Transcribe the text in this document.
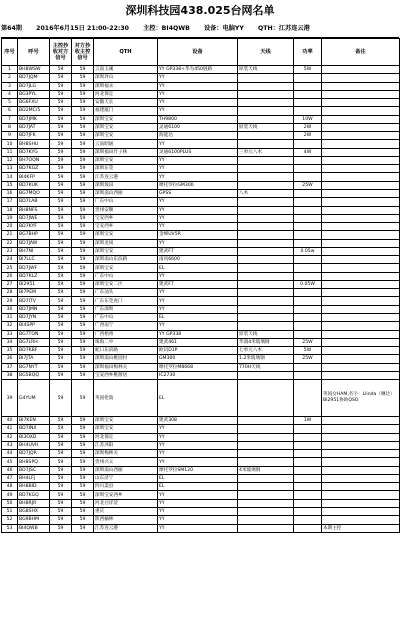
深圳科技园438.025台网名单
第64期 2016年6月15日 21:00-22:30 主控：BI4QWB 设备：电脑YY QTH：江苏连云港
序号	呼号	主控抄收对方信号	对方抄收主控信号	QTH	设备	天线	功率	备注
1	BH8WSW	59	59	云南玉溪	YY GP338+华为450链路	原装天线	5W	
2	BD7JQM	59	59	深圳坪山	YY			
3	BD7JLG	59	59	深圳福永	YY			
4	BG3PYL	59	59	河北保定	YY			
5	BG6FXU	59	59	安徽天长	YY			
6	BD2MC/5	59	59	福建厦门	YY			
7	BD7JMK	59	59	深圳宝安	TH9800		10W	
8	BD7JAT	59	59	深圳宝安	灵通6100	原装天线	2W	
9	BD7JFK	59	59	深圳宝安	海能达		2W	
10	BH8SHU	59	59	云南昭通	YY			
11	BD7KYG	59	59	深圳福田竹子林	灵通6100PLUS	三单元八木	4W	
12	BH7OQN	59	59	深圳宝安	YY			
13	BD7KGZ	59	59	深圳东莞	YY			
14	BI4KFP	59	59	江苏连云港	YY			
15	BD7KUK	59	59	深圳坂田	摩托罗拉GM300		25W	
16	BG7MQO	59	59	深圳南山西丽	GPSS	八木		
17	BD7LAB	59	59	广东中山	YY			
18	BH8NFS	59	59	贵州安顺	YY			
19	BD7JWE	59	59	宝安西乡	YY			
20	BD7KYF	59	59	宝安西乡	YY			
21	BG7BHP	59	59	深圳宝安	金峰UV5R			
22	BD7JAW	59	59	深圳龙岗	YY			
23	BH7NI	59	59	深圳宝安	建武F7		0.05w	
24	BI7LLC	59	59	深圳南山东滨路	南风6600			
25	BD7JWF	59	59	深圳宝安	EL			
26	BD7KLZ	59	59	广东中山	YY			
27	BI2951	59	59	深圳宝安二区	建武F7		0.05W	
28	BI7PEM	59	59	广东汕头	YY			
29	BD7ITV	59	59	广东东莞虎门	YY			
30	BD7JMN	59	59	广东深圳	YY			
31	BD7JYN	59	59	广东中山	EL			
32	BI4SPP	59	59	广西南宁	YY			
33	BG7TON	59	59	广西梧州	YY GP338	原装天线		
34	BG7LRH	59	59	珠海二中	建武461	华润4米玻璃钢	25W	
35	BD7KBF	59	59	蛇口东滨路	欧讯D1P	七单元八木	5W	
36	BI7JTA	59	59	深圳南山桃园村	GM300	1.2米玻璃钢	25W	
37	BG7NYT	59	59	深圳福田梅林关	摩托罗拉M8668	770H天线		
38	BG5BQQ	59	59	宝安西乡桃源居	IC2730			
39	G4YUM	59	59	英国伦敦	EL			英国女HAM,名字：Llinda（琳达）BI2951协助QSO
40	BI7KEN	59	59	深圳宝安	建武308		1W	
41	BD7INX	59	59	深圳宝安	YY			
42	BI3OXD	59	59	河北保定	YY			
43	BH4UVH	59	59	江苏沭阳	YY			
44	BD7JQR	59	59	深圳梅林关	YY			
45	BH8SPQ	59	59	贵州兴义	YY			
46	BD7JSC	59	59	深圳南山西丽	摩托罗拉SM120	4米玻璃钢		
47	BH4LFJ	59	59	山东济宁	EL			
48	BH8BID	59	59	四川渠县	EL			
49	BD7KGQ	59	59	深圳宝安西乡	YY			
50	BH8RJR	59	59	河北白洋淀	YY			
51	BG8SHX	59	59	重庆	YY			
52	BG9BHM	59	59	陕西榆林	YY			
53	BI4QWB	59	59	江苏连云港	YY			本期主控
